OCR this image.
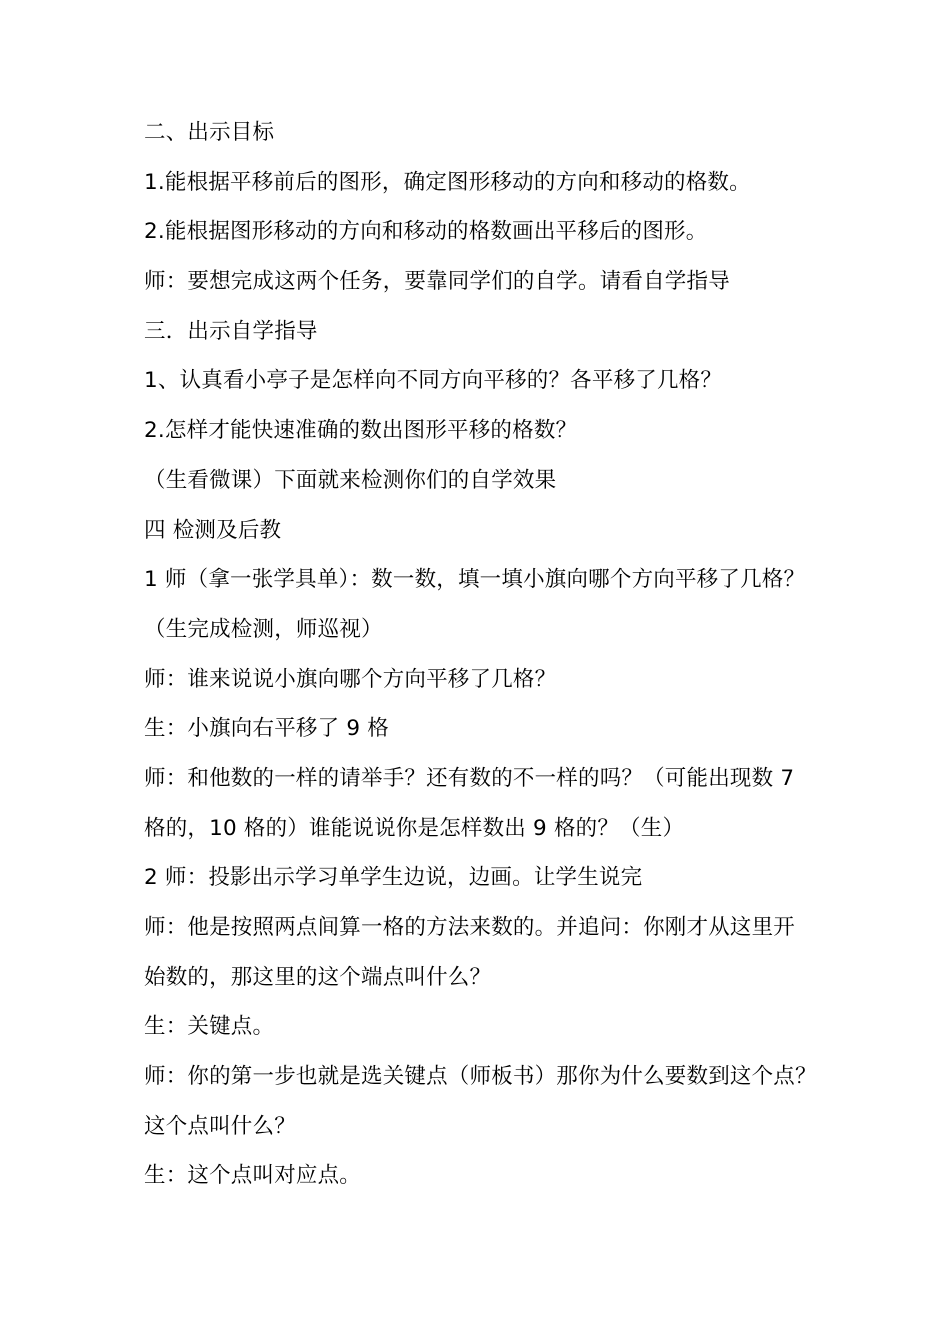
二、出示目标
1.能根据平移前后的图形，确定图形移动的方向和移动的格数。
2.能根据图形移动的方向和移动的格数画出平移后的图形。
师：要想完成这两个任务，要靠同学们的自学。请看自学指导
三．出示自学指导
1、认真看小亭子是怎样向不同方向平移的？各平移了几格？
2.怎样才能快速准确的数出图形平移的格数？
（生看微课）下面就来检测你们的自学效果
四 检测及后教
1 师（拿一张学具单）：数一数，填一填小旗向哪个方向平移了几格？
（生完成检测，师巡视）
师：谁来说说小旗向哪个方向平移了几格？
生：小旗向右平移了 9 格
师：和他数的一样的请举手？还有数的不一样的吗？（可能出现数 7
格的，10 格的）谁能说说你是怎样数出 9 格的？（生）
2 师：投影出示学习单学生边说，边画。让学生说完
师：他是按照两点间算一格的方法来数的。并追问：你刚才从这里开
始数的，那这里的这个端点叫什么？
生：关键点。
师：你的第一步也就是选关键点（师板书）那你为什么要数到这个点？
这个点叫什么？
生：这个点叫对应点。
